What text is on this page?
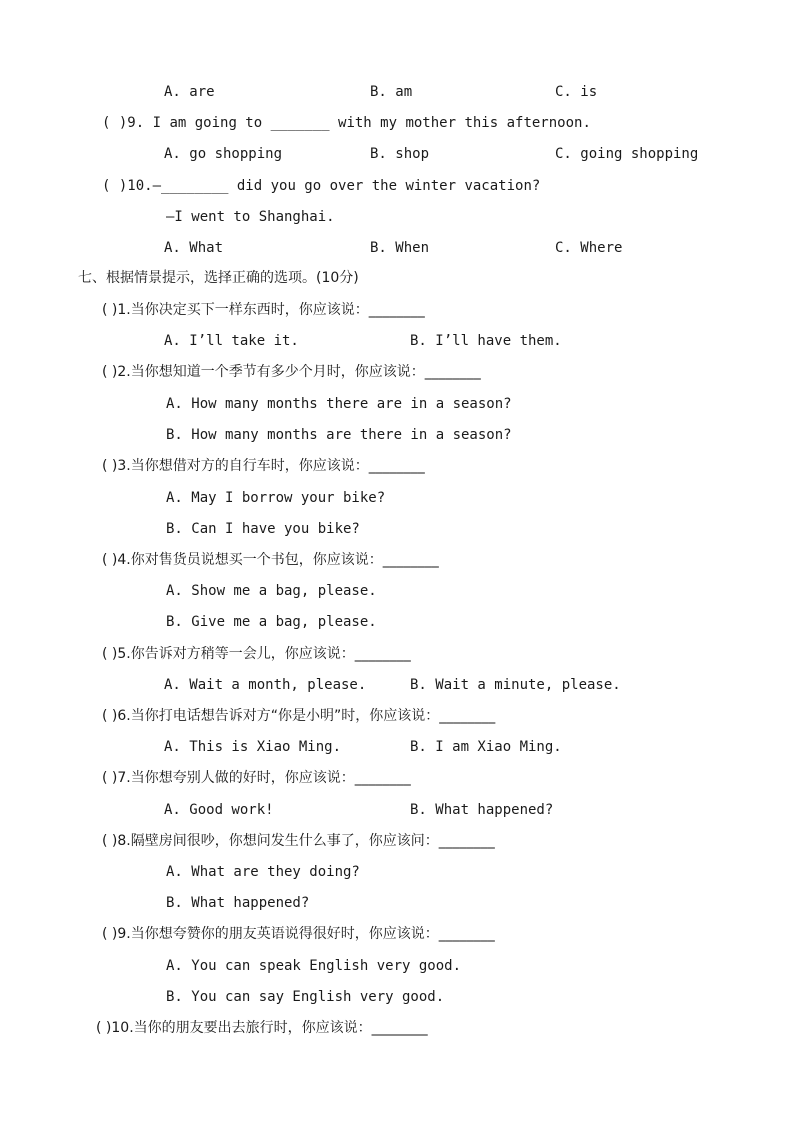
A. are	B. am	C. is
( )9. I am going to _______ with my mother this afternoon.
A. go shopping	B. shop	C. going shopping
( )10.—________ did you go over the winter vacation?
—I went to Shanghai.
A. What	B. When	C. Where
七、根据情景提示，选择正确的选项。(10分)
( )1.当你决定买下一样东西时，你应该说：________
A. I’ll take it.	B. I’ll have them.
( )2.当你想知道一个季节有多少个月时，你应该说：________
A. How many months there are in a season?
B. How many months are there in a season?
( )3.当你想借对方的自行车时，你应该说：________
A. May I borrow your bike?
B. Can I have you bike?
( )4.你对售货员说想买一个书包，你应该说：________
A. Show me a bag, please.
B. Give me a bag, please.
( )5.你告诉对方稍等一会儿，你应该说：________
A. Wait a month, please.	B. Wait a minute, please.
( )6.当你打电话想告诉对方“你是小明”时，你应该说：________
A. This is Xiao Ming.	B. I am Xiao Ming.
( )7.当你想夸别人做的好时，你应该说：________
A. Good work!	B. What happened?
( )8.隔壁房间很吵，你想问发生什么事了，你应该问：________
A. What are they doing?
B. What happened?
( )9.当你想夸赞你的朋友英语说得很好时，你应该说：________
A. You can speak English very good.
B. You can say English very good.
( )10.当你的朋友要出去旅行时，你应该说：________
